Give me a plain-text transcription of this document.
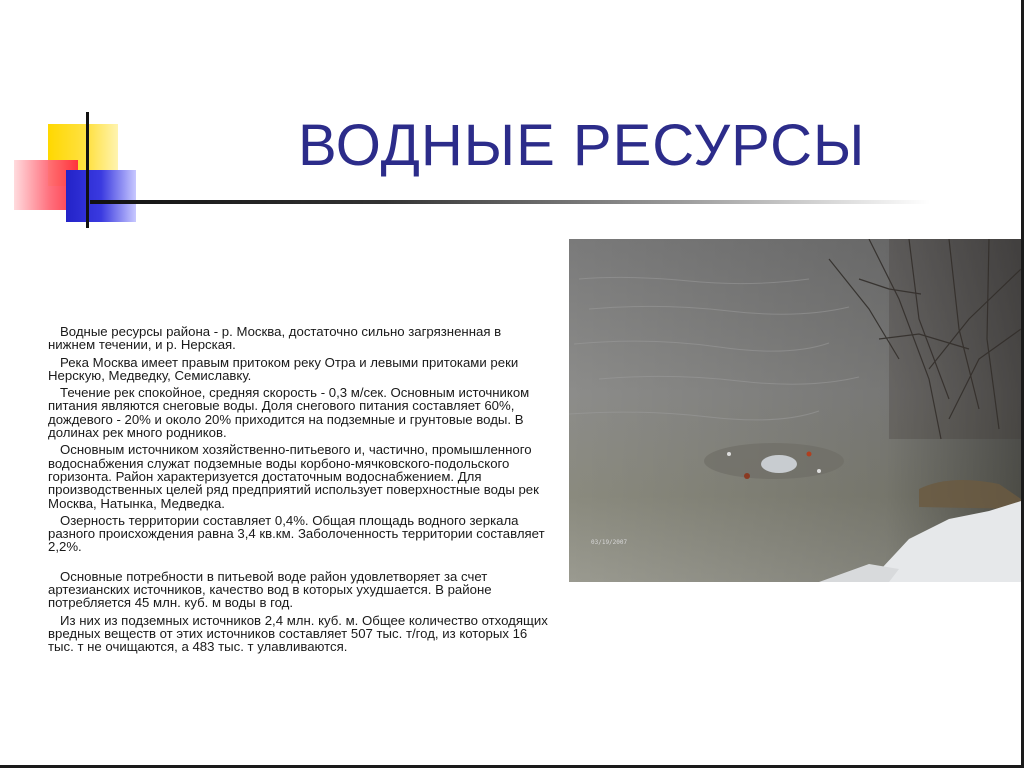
ВОДНЫЕ РЕСУРСЫ

Водные ресурсы района - р. Москва, достаточно сильно загрязненная в нижнем течении, и р. Нерская.

Река Москва имеет правым притоком реку Отра и левыми притоками реки Нерскую, Медведку, Семиславку.

Течение рек спокойное, средняя скорость - 0,3 м/сек. Основным источником питания являются снеговые воды. Доля снегового питания составляет 60%, дождевого - 20% и около 20% приходится на подземные и грунтовые воды. В долинах рек много родников.

Основным источником хозяйственно-питьевого и, частично, промышленного водоснабжения служат подземные воды корбоно-мячковского-подольского горизонта. Район характеризуется достаточным водоснабжением. Для производственных целей ряд предприятий использует поверхностные воды рек Москва, Натынка, Медведка.

Озерность территории составляет 0,4%. Общая площадь водного зеркала разного происхождения равна 3,4 кв.км. Заболоченность территории составляет 2,2%.

Основные потребности в питьевой воде район удовлетворяет за счет артезианских источников, качество вод в которых ухудшается. В районе потребляется 45 млн. куб. м воды в год.

Из них из подземных источников 2,4 млн. куб. м. Общее количество отходящих вредных веществ от этих источников составляет 507 тыс. т/год, из которых 16 тыс. т не очищаются, а 483 тыс. т улавливаются.

03/19/2007
